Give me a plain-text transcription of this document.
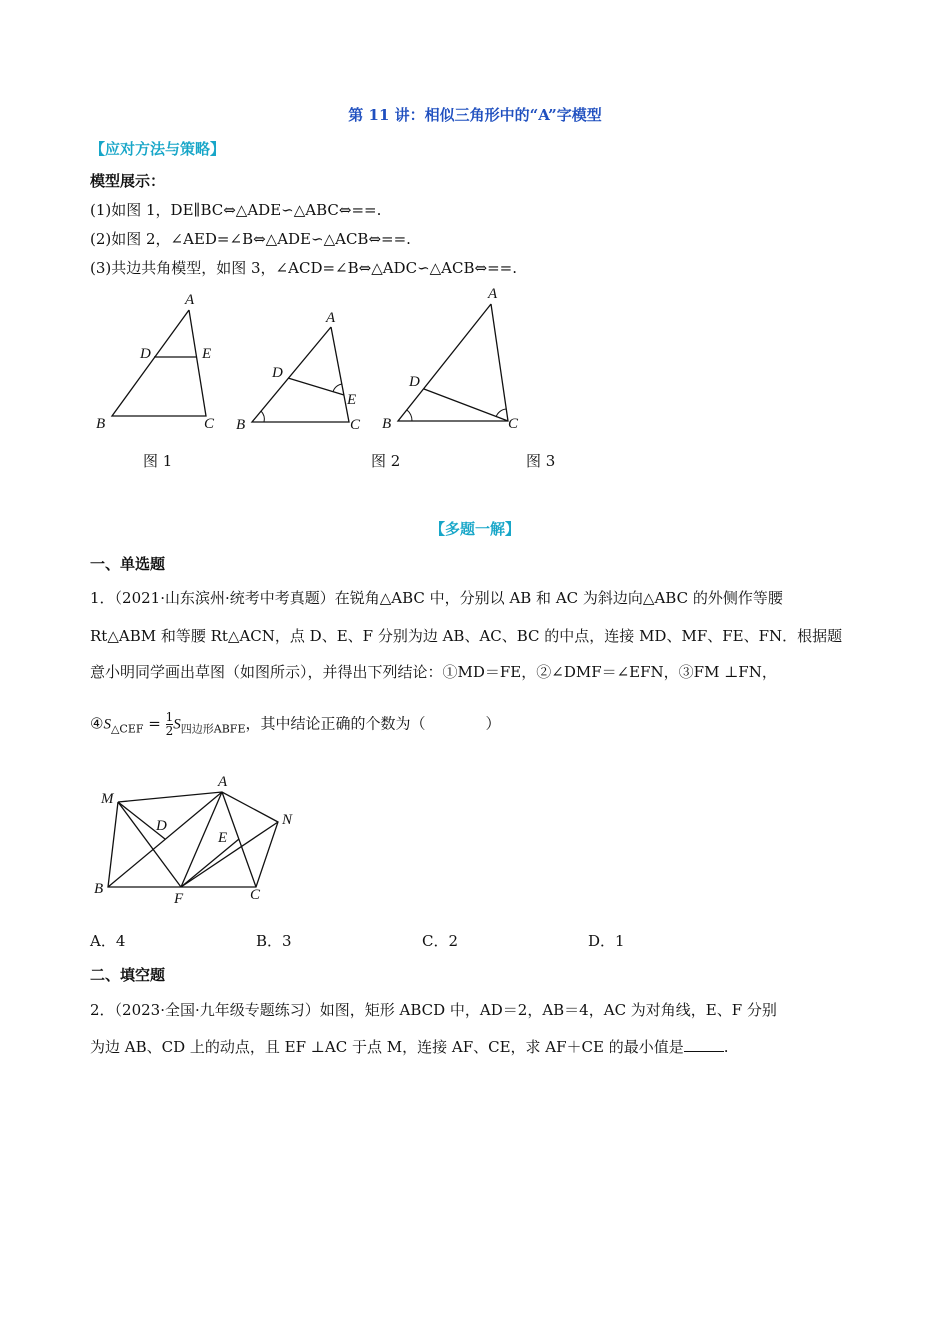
第 11 讲：相似三角形中的“A”字模型
【应对方法与策略】
模型展示：
(1)如图 1，DE∥BC⇔△ADE∽△ABC⇔==.
(2)如图 2，∠AED=∠B⇔△ADE∽△ACB⇔==.
(3)共边共角模型，如图 3，∠ACD=∠B⇔△ADC∽△ACB⇔==.
A
D	E
B	C
图 1
A
D
E
B	C
图 2
A
D
B	C
图 3
【多题一解】
一、单选题
1．（2021·山东滨州·统考中考真题）在锐角△ABC 中，分别以 AB 和 AC 为斜边向△ABC 的外侧作等腰
Rt△ABM 和等腰 Rt△ACN，点 D、E、F 分别为边 AB、AC、BC 的中点，连接 MD、MF、FE、FN．根据题
意小明同学画出草图（如图所示），并得出下列结论：①MD＝FE，②∠DMF＝∠EFN，③FM ⊥FN，
$④S_{\triangle CEF} = \frac{1}{2} S_{四边形ABFE}$，其中结论正确的个数为（　　　　）
M
A
N
D
E
B
F	C
A．4	B．3	C．2	D．1
二、填空题
2．（2023·全国·九年级专题练习）如图，矩形 ABCD 中，AD＝2，AB＝4，AC 为对角线，E、F 分别
为边 AB、CD 上的动点，且 EF ⊥AC 于点 M，连接 AF、CE，求 AF＋CE 的最小值是	.
